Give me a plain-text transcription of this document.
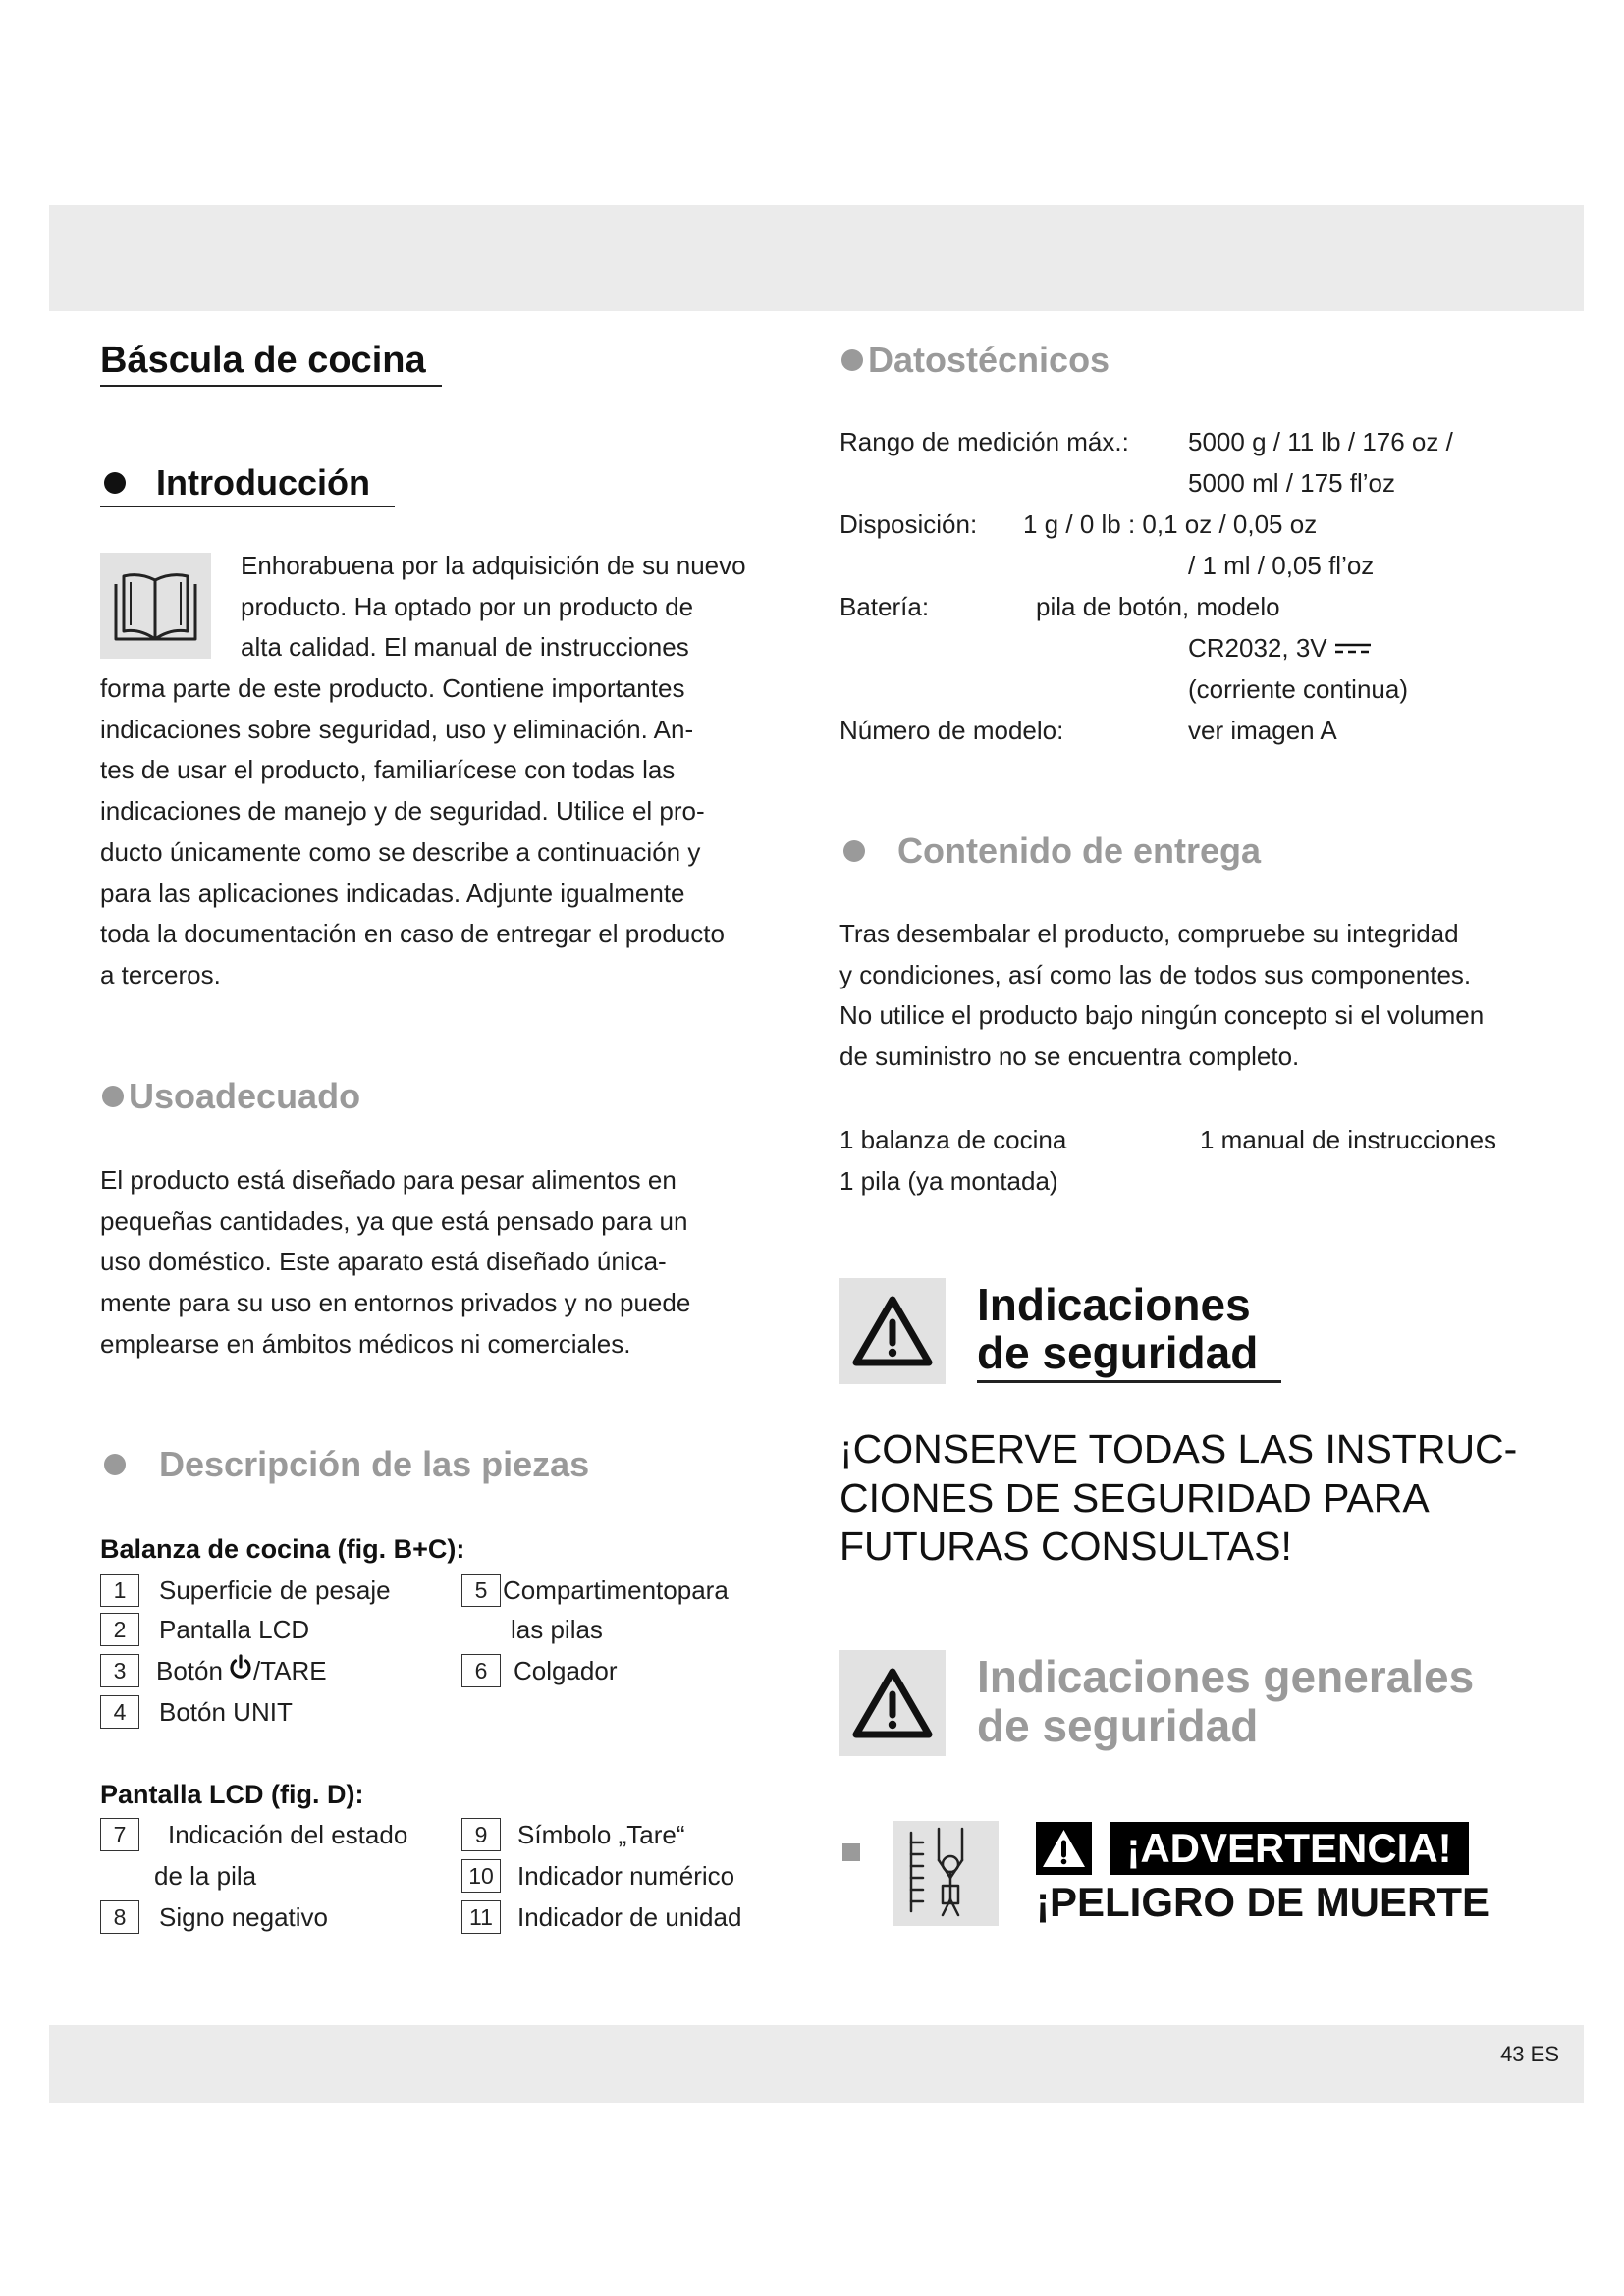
43 ES
Báscula de cocina
Introducción
Enhorabuena por la adquisición de su nuevo
producto. Ha optado por un producto de
alta calidad. El manual de instrucciones
forma parte de este producto. Contiene importantes
indicaciones sobre seguridad, uso y eliminación. An-
tes de usar el producto, familiarícese con todas las
indicaciones de manejo y de seguridad. Utilice el pro-
ducto únicamente como se describe a continuación y
para las aplicaciones indicadas. Adjunte igualmente
toda la documentación en caso de entregar el producto
a terceros.
Usoadecuado
El producto está diseñado para pesar alimentos en
pequeñas cantidades, ya que está pensado para un
uso doméstico. Este aparato está diseñado única-
mente para su uso en entornos privados y no puede
emplearse en ámbitos médicos ni comerciales.
Descripción de las piezas
Balanza de cocina (fig. B+C):
1	Superficie de pesaje	5 Compartimentopara
2	Pantalla LCD	las pilas
3	Botón /TARE	6	Colgador
4	Botón UNIT
Pantalla LCD (fig. D):
7	Indicación del estado	9	Símbolo „Tare“
de la pila	10 Indicador numérico
8	Signo negativo	11 Indicador de unidad
Datostécnicos
Rango de medición máx.: 5000 g / 11 lb / 176 oz /
5000 ml / 175 fl’oz
Disposición: 1 g / 0 lb : 0,1 oz / 0,05 oz
/ 1 ml / 0,05 fl’oz
Batería:	pila de botón, modelo
CR2032, 3V
(corriente continua)
Número de modelo:	ver imagen A
Contenido de entrega
Tras desembalar el producto, compruebe su integridad
y condiciones, así como las de todos sus componentes.
No utilice el producto bajo ningún concepto si el volumen
de suministro no se encuentra completo.
1 balanza de cocina	1 manual de instrucciones
1 pila (ya montada)
Indicaciones
de seguridad
¡CONSERVE TODAS LAS INSTRUC-
CIONES DE SEGURIDAD PARA
FUTURAS CONSULTAS!
Indicaciones generales
de seguridad
¡ADVERTENCIA!
¡PELIGRO DE MUERTE
